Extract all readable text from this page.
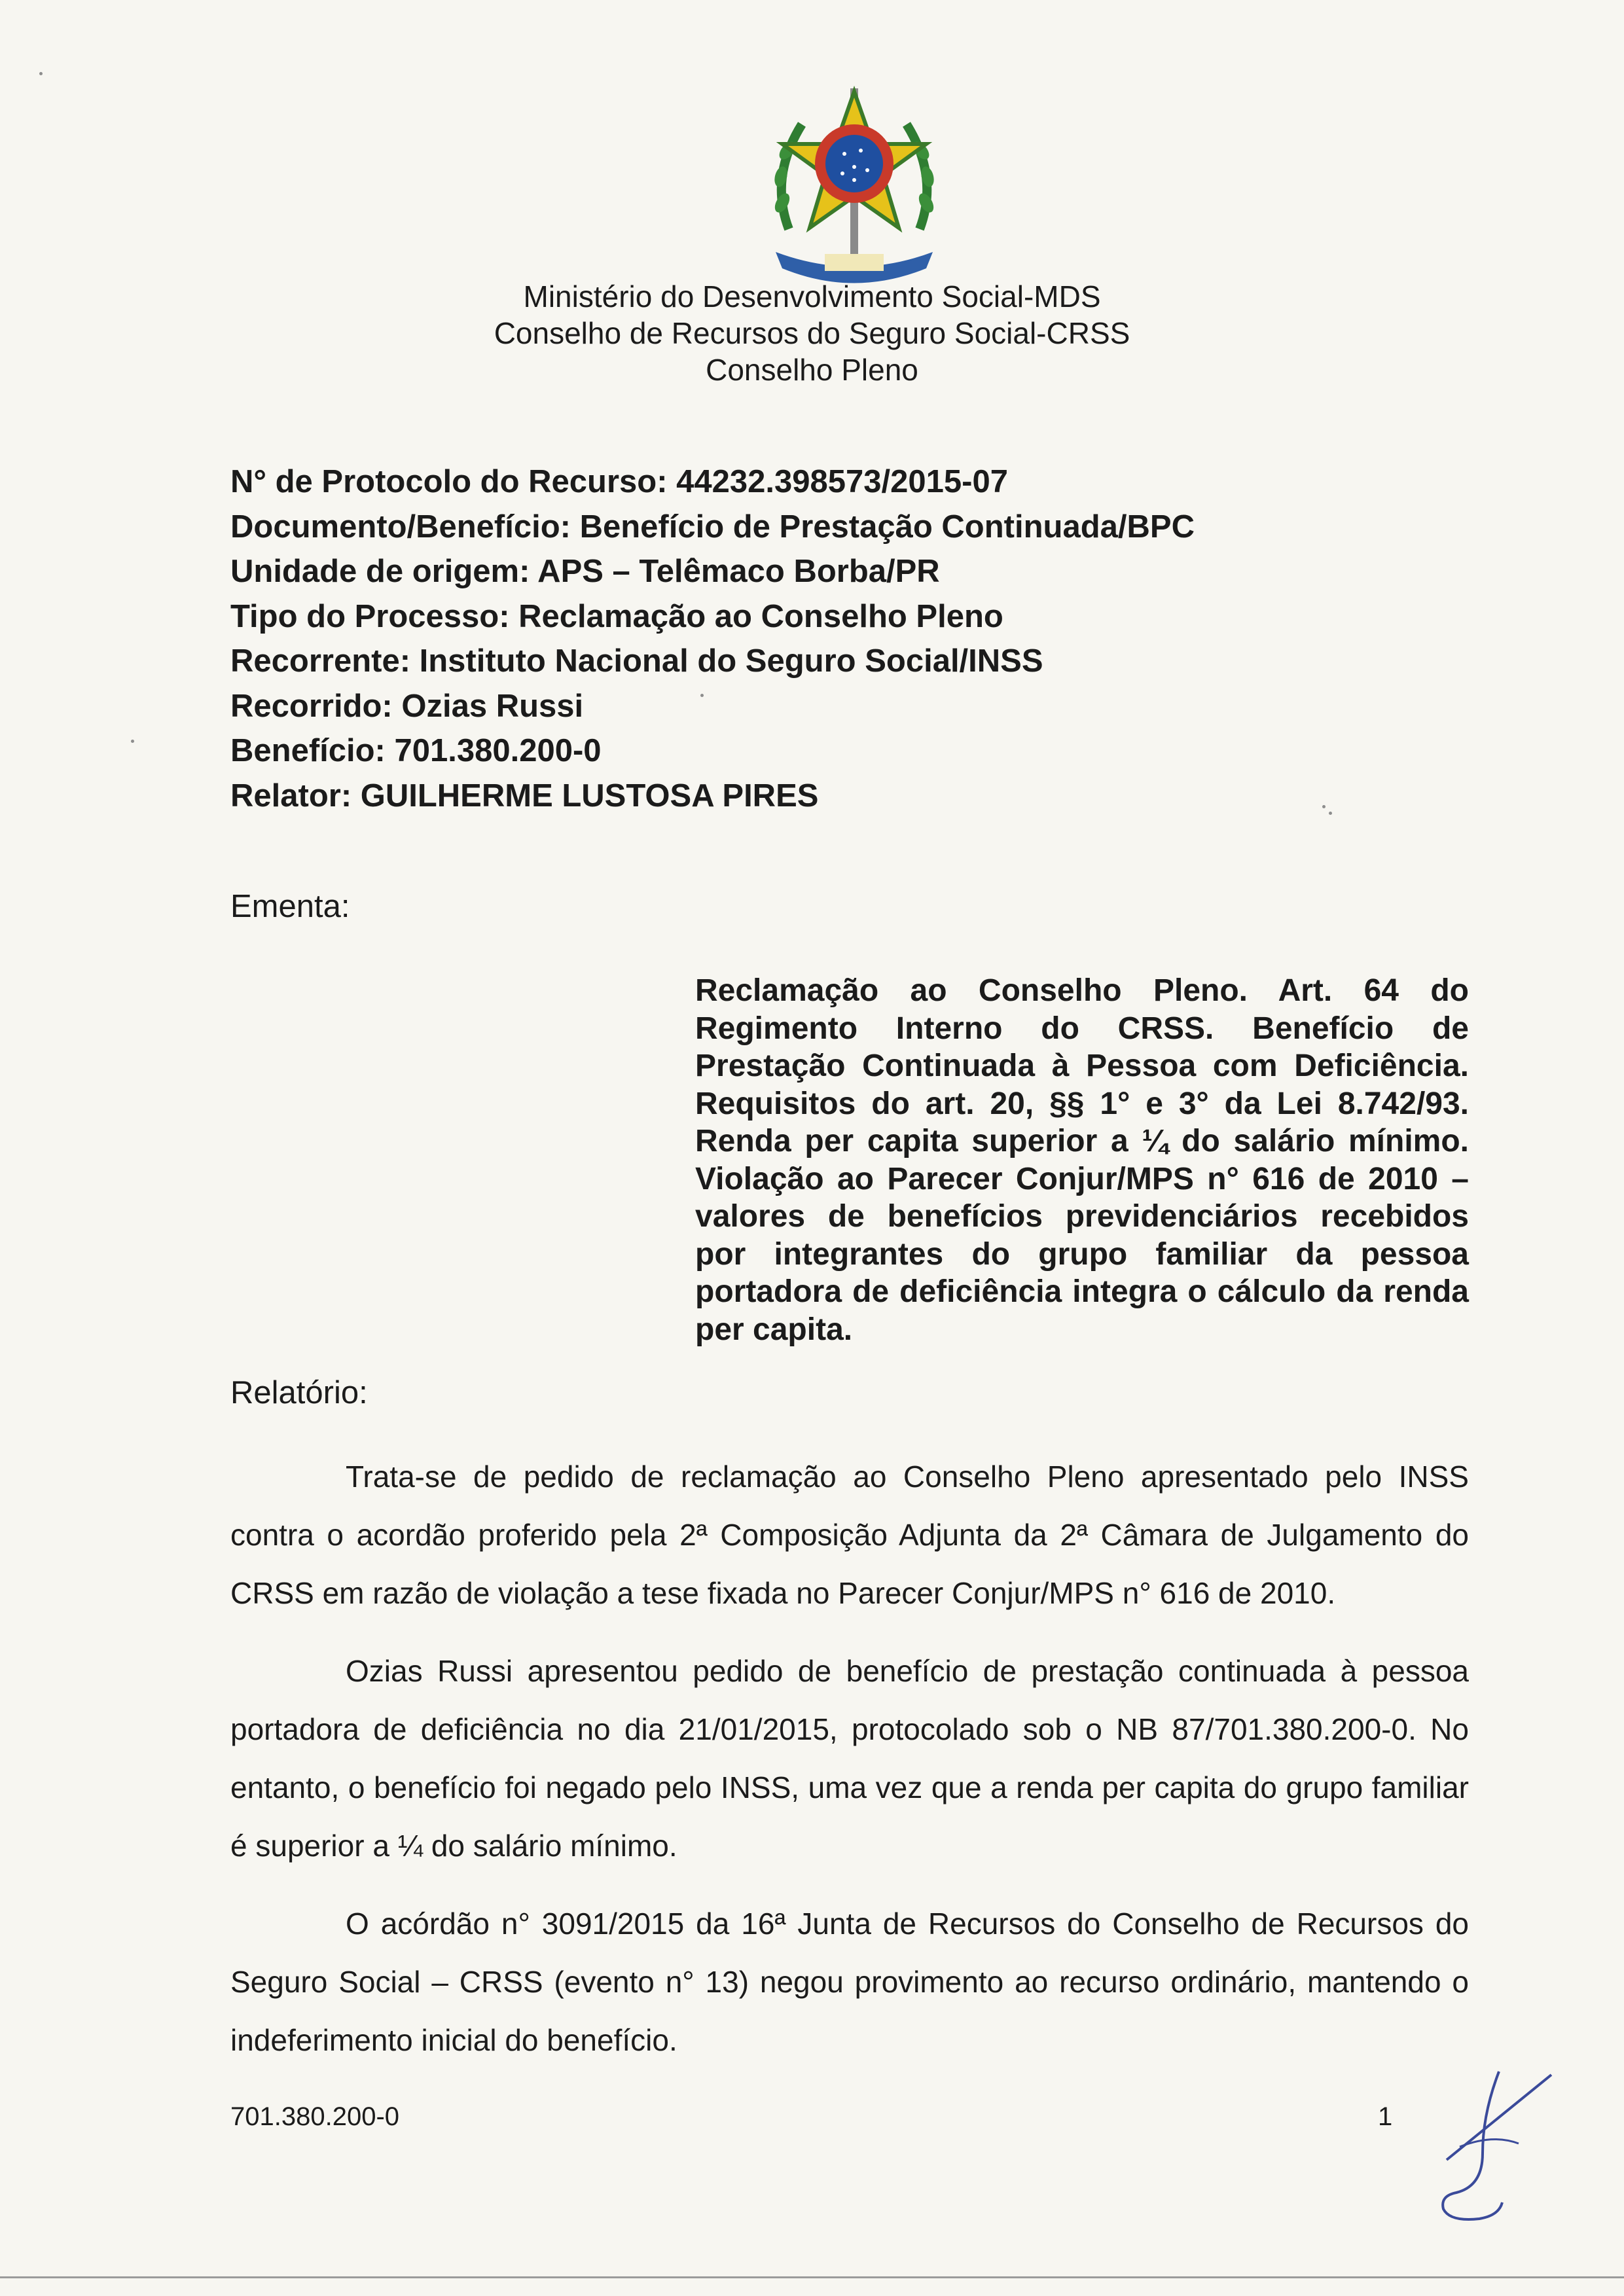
Ministério do Desenvolvimento Social-MDS
Conselho de Recursos do Seguro Social-CRSS
Conselho Pleno
N° de Protocolo do Recurso: 44232.398573/2015-07
Documento/Benefício: Benefício de Prestação Continuada/BPC
Unidade de origem: APS – Telêmaco Borba/PR
Tipo do Processo: Reclamação ao Conselho Pleno
Recorrente: Instituto Nacional do Seguro Social/INSS
Recorrido: Ozias Russi
Benefício: 701.380.200-0
Relator: GUILHERME LUSTOSA PIRES
Ementa:
Reclamação ao Conselho Pleno. Art. 64 do Regimento Interno do CRSS. Benefício de Prestação Continuada à Pessoa com Deficiência. Requisitos do art. 20, §§ 1° e 3° da Lei 8.742/93. Renda per capita superior a ¼ do salário mínimo. Violação ao Parecer Conjur/MPS n° 616 de 2010 – valores de benefícios previdenciários recebidos por integrantes do grupo familiar da pessoa portadora de deficiência integra o cálculo da renda per capita.
Relatório:

Trata-se de pedido de reclamação ao Conselho Pleno apresentado pelo INSS contra o acordão proferido pela 2ª Composição Adjunta da 2ª Câmara de Julgamento do CRSS em razão de violação a tese fixada no Parecer Conjur/MPS n° 616 de 2010.

Ozias Russi apresentou pedido de benefício de prestação continuada à pessoa portadora de deficiência no dia 21/01/2015, protocolado sob o NB 87/701.380.200-0. No entanto, o benefício foi negado pelo INSS, uma vez que a renda per capita do grupo familiar é superior a ¼ do salário mínimo.

O acórdão n° 3091/2015 da 16ª Junta de Recursos do Conselho de Recursos do Seguro Social – CRSS (evento n° 13) negou provimento ao recurso ordinário, mantendo o indeferimento inicial do benefício.

701.380.200-0	1
